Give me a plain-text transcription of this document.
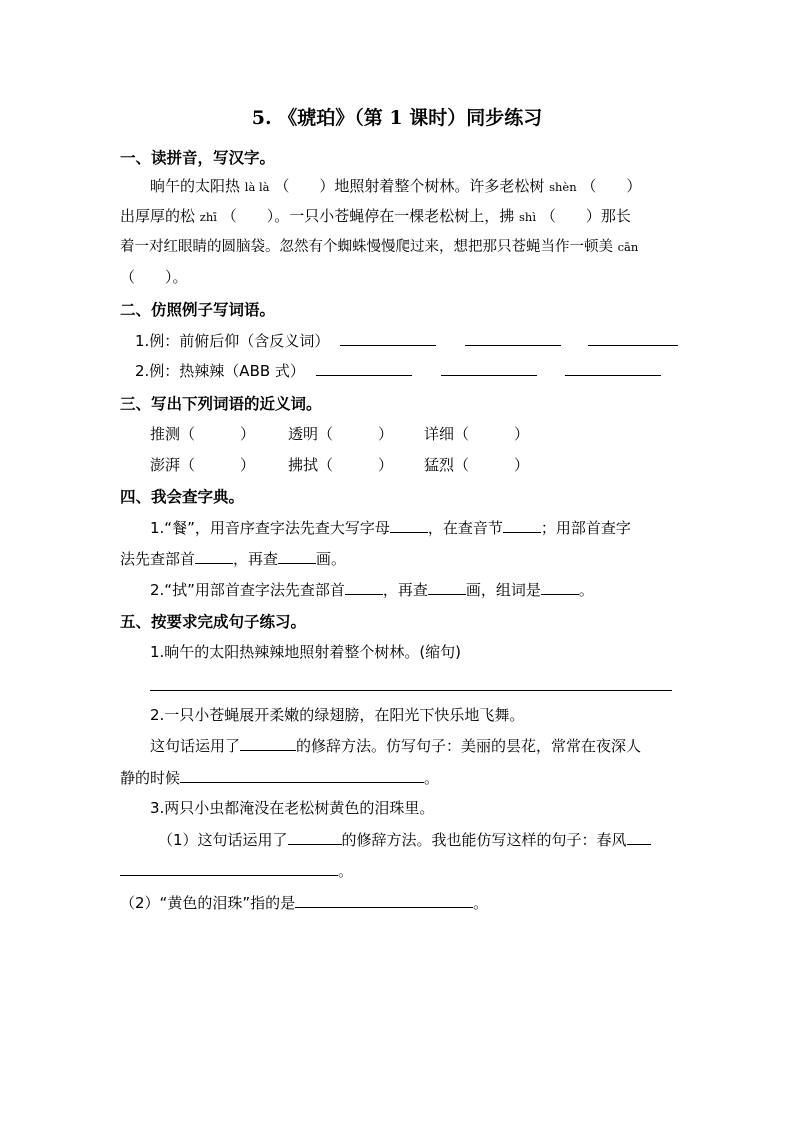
5. 《琥珀》（第 1 课时）同步练习
一、读拼音，写汉字。
晌午的太阳热 là là （　　）地照射着整个树林。许多老松树 shèn （　　）
出厚厚的松 zhī （　　）。一只小苍蝇停在一棵老松树上，拂 shì （　　）那长
着一对红眼睛的圆脑袋。忽然有个蜘蛛慢慢爬过来，想把那只苍蝇当作一顿美 cān
（　　）。
二、仿照例子写词语。
1.例：前俯后仰（含反义词）
2.例：热辣辣（ABB 式）
三、写出下列词语的近义词。
推测（　　　） 透明（　　　） 详细（　　　）
澎湃（　　　） 拂拭（　　　） 猛烈（　　　）
四、我会查字典。
1.“餐”，用音序查字法先查大写字母	，在查音节	；用部首查字
法先查部首	，再查	画。
2.“拭”用部首查字法先查部首	，再查	画，组词是	。
五、按要求完成句子练习。
1.晌午的太阳热辣辣地照射着整个树林。(缩句)
2.一只小苍蝇展开柔嫩的绿翅膀，在阳光下快乐地飞舞。
这句话运用了	的修辞方法。仿写句子：美丽的昙花，常常在夜深人
静的时候	。
3.两只小虫都淹没在老松树黄色的泪珠里。
（1）这句话运用了	的修辞方法。我也能仿写这样的句子：春风
。
（2）“黄色的泪珠”指的是	。
